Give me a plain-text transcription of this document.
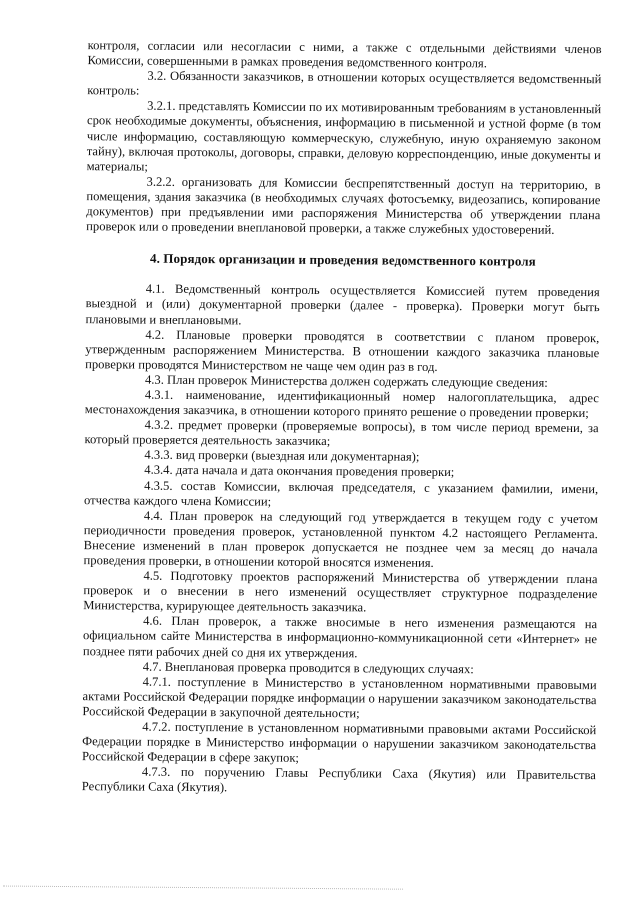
контроля, согласии или несогласии с ними, а также с отдельными действиями членов Комиссии, совершенными в рамках проведения ведомственного контроля.

3.2. Обязанности заказчиков, в отношении которых осуществляется ведомственный контроль:

3.2.1. представлять Комиссии по их мотивированным требованиям в установленный срок необходимые документы, объяснения, информацию в письменной и устной форме (в том числе информацию, составляющую коммерческую, служебную, иную охраняемую законом тайну), включая протоколы, договоры, справки, деловую корреспонденцию, иные документы и материалы;

3.2.2. организовать для Комиссии беспрепятственный доступ на территорию, в помещения, здания заказчика (в необходимых случаях фотосъемку, видеозапись, копирование документов) при предъявлении ими распоряжения Министерства об утверждении плана проверок или о проведении внеплановой проверки, а также служебных удостоверений.

4. Порядок организации и проведения ведомственного контроля

4.1. Ведомственный контроль осуществляется Комиссией путем проведения выездной и (или) документарной проверки (далее - проверка). Проверки могут быть плановыми и внеплановыми.

4.2. Плановые проверки проводятся в соответствии с планом проверок, утвержденным распоряжением Министерства. В отношении каждого заказчика плановые проверки проводятся Министерством не чаще чем один раз в год.

4.3. План проверок Министерства должен содержать следующие сведения:

4.3.1. наименование, идентификационный номер налогоплательщика, адрес местонахождения заказчика, в отношении которого принято решение о проведении проверки;

4.3.2. предмет проверки (проверяемые вопросы), в том числе период времени, за который проверяется деятельность заказчика;

4.3.3. вид проверки (выездная или документарная);

4.3.4. дата начала и дата окончания проведения проверки;

4.3.5. состав Комиссии, включая председателя, с указанием фамилии, имени, отчества каждого члена Комиссии;

4.4. План проверок на следующий год утверждается в текущем году с учетом периодичности проведения проверок, установленной пунктом 4.2 настоящего Регламента. Внесение изменений в план проверок допускается не позднее чем за месяц до начала проведения проверки, в отношении которой вносятся изменения.

4.5. Подготовку проектов распоряжений Министерства об утверждении плана проверок и о внесении в него изменений осуществляет структурное подразделение Министерства, курирующее деятельность заказчика.

4.6. План проверок, а также вносимые в него изменения размещаются на официальном сайте Министерства в информационно-коммуникационной сети «Интернет» не позднее пяти рабочих дней со дня их утверждения.

4.7. Внеплановая проверка проводится в следующих случаях:

4.7.1. поступление в Министерство в установленном нормативными правовыми актами Российской Федерации порядке информации о нарушении заказчиком законодательства Российской Федерации в закупочной деятельности;

4.7.2. поступление в установленном нормативными правовыми актами Российской Федерации порядке в Министерство информации о нарушении заказчиком законодательства Российской Федерации в сфере закупок;

4.7.3. по поручению Главы Республики Саха (Якутия) или Правительства Республики Саха (Якутия).
